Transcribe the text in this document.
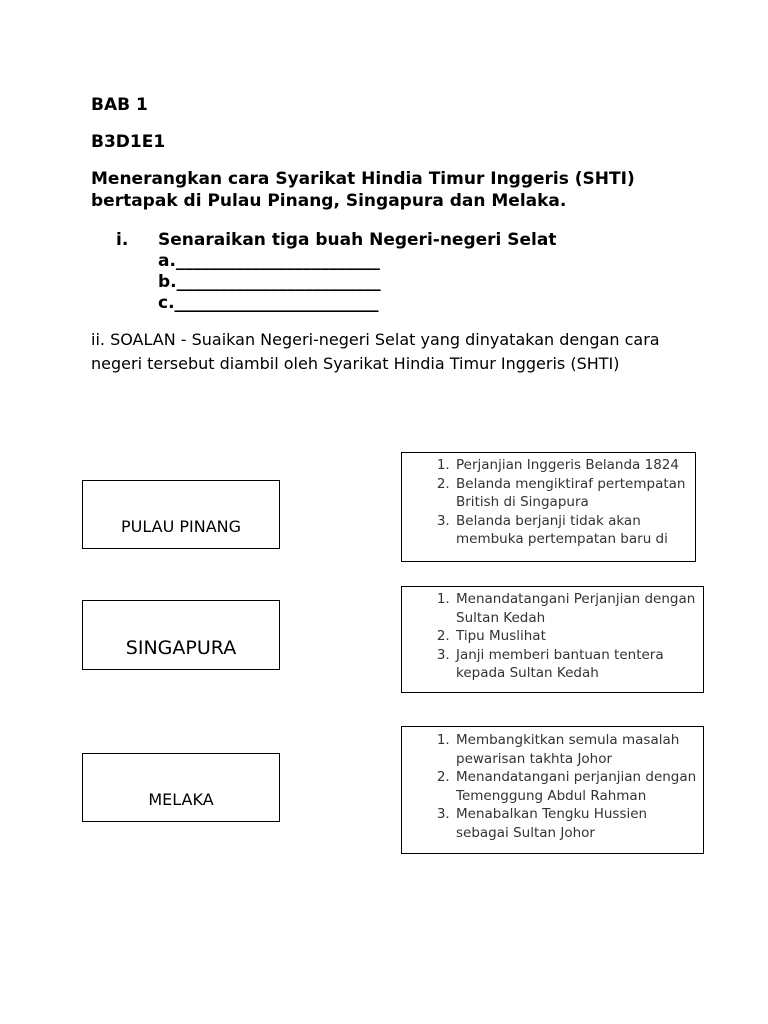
BAB 1
B3D1E1
Menerangkan cara Syarikat Hindia Timur Inggeris (SHTI) bertapak di Pulau Pinang, Singapura dan Melaka.
i. Senaraikan tiga buah Negeri-negeri Selat
a.________________________
b.________________________
c.________________________
ii. SOALAN - Suaikan Negeri-negeri Selat yang dinyatakan dengan cara negeri tersebut diambil oleh Syarikat Hindia Timur Inggeris (SHTI)
PULAU PINANG
SINGAPURA
MELAKA
1. Perjanjian Inggeris Belanda 1824
2. Belanda mengiktiraf pertempatan British di Singapura
3. Belanda berjanji tidak akan membuka pertempatan baru di
1. Menandatangani Perjanjian dengan Sultan Kedah
2. Tipu Muslihat
3. Janji memberi bantuan tentera kepada Sultan Kedah
1. Membangkitkan semula masalah pewarisan takhta Johor
2. Menandatangani perjanjian dengan Temenggung Abdul Rahman
3. Menabalkan Tengku Hussien sebagai Sultan Johor
